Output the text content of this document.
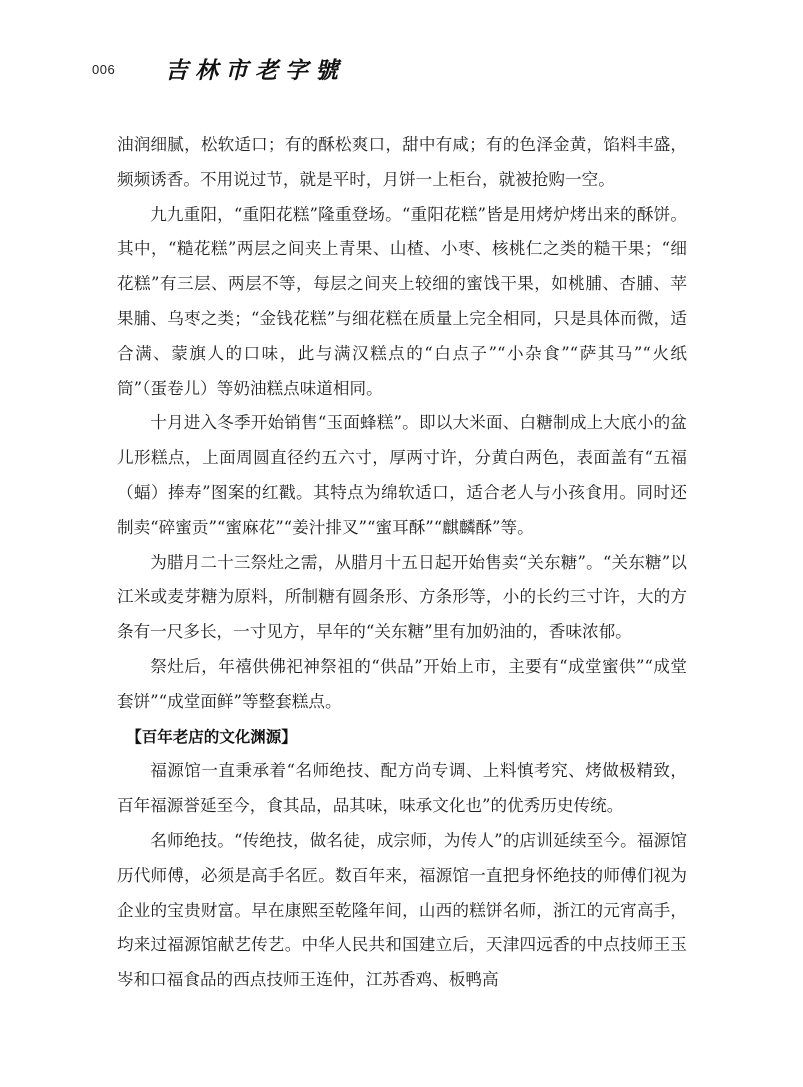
006 吉林市老字號

油润细腻，松软适口；有的酥松爽口，甜中有咸；有的色泽金黄，馅料丰盛，频频诱香。不用说过节，就是平时，月饼一上柜台，就被抢购一空。

九九重阳，“重阳花糕”隆重登场。“重阳花糕”皆是用烤炉烤出来的酥饼。其中，“糙花糕”两层之间夹上青果、山楂、小枣、核桃仁之类的糙干果；“细花糕”有三层、两层不等，每层之间夹上较细的蜜饯干果，如桃脯、杏脯、苹果脯、乌枣之类；“金钱花糕”与细花糕在质量上完全相同，只是具体而微，适合满、蒙旗人的口味，此与满汉糕点的“白点子”“小杂食”“萨其马”“火纸筒”（蛋卷儿）等奶油糕点味道相同。

十月进入冬季开始销售“玉面蜂糕”。即以大米面、白糖制成上大底小的盆儿形糕点，上面周圆直径约五六寸，厚两寸许，分黄白两色，表面盖有“五福（蝠）捧寿”图案的红戳。其特点为绵软适口，适合老人与小孩食用。同时还制卖“碎蜜贡”“蜜麻花”“姜汁排叉”“蜜耳酥”“麒麟酥”等。

为腊月二十三祭灶之需，从腊月十五日起开始售卖“关东糖”。“关东糖”以江米或麦芽糖为原料，所制糖有圆条形、方条形等，小的长约三寸许，大的方条有一尺多长，一寸见方，早年的“关东糖”里有加奶油的，香味浓郁。

祭灶后，年禧供佛祀神祭祖的“供品”开始上市，主要有“成堂蜜供”“成堂套饼”“成堂面鲜”等整套糕点。

【百年老店的文化渊源】

福源馆一直秉承着“名师绝技、配方尚专调、上料慎考究、烤做极精致，百年福源誉延至今，食其品，品其味，味承文化也”的优秀历史传统。

名师绝技。“传绝技，做名徒，成宗师，为传人”的店训延续至今。福源馆历代师傅，必须是高手名匠。数百年来，福源馆一直把身怀绝技的师傅们视为企业的宝贵财富。早在康熙至乾隆年间，山西的糕饼名师，浙江的元宵高手，均来过福源馆献艺传艺。中华人民共和国建立后，天津四远香的中点技师王玉岑和口福食品的西点技师王连仲，江苏香鸡、板鸭高
